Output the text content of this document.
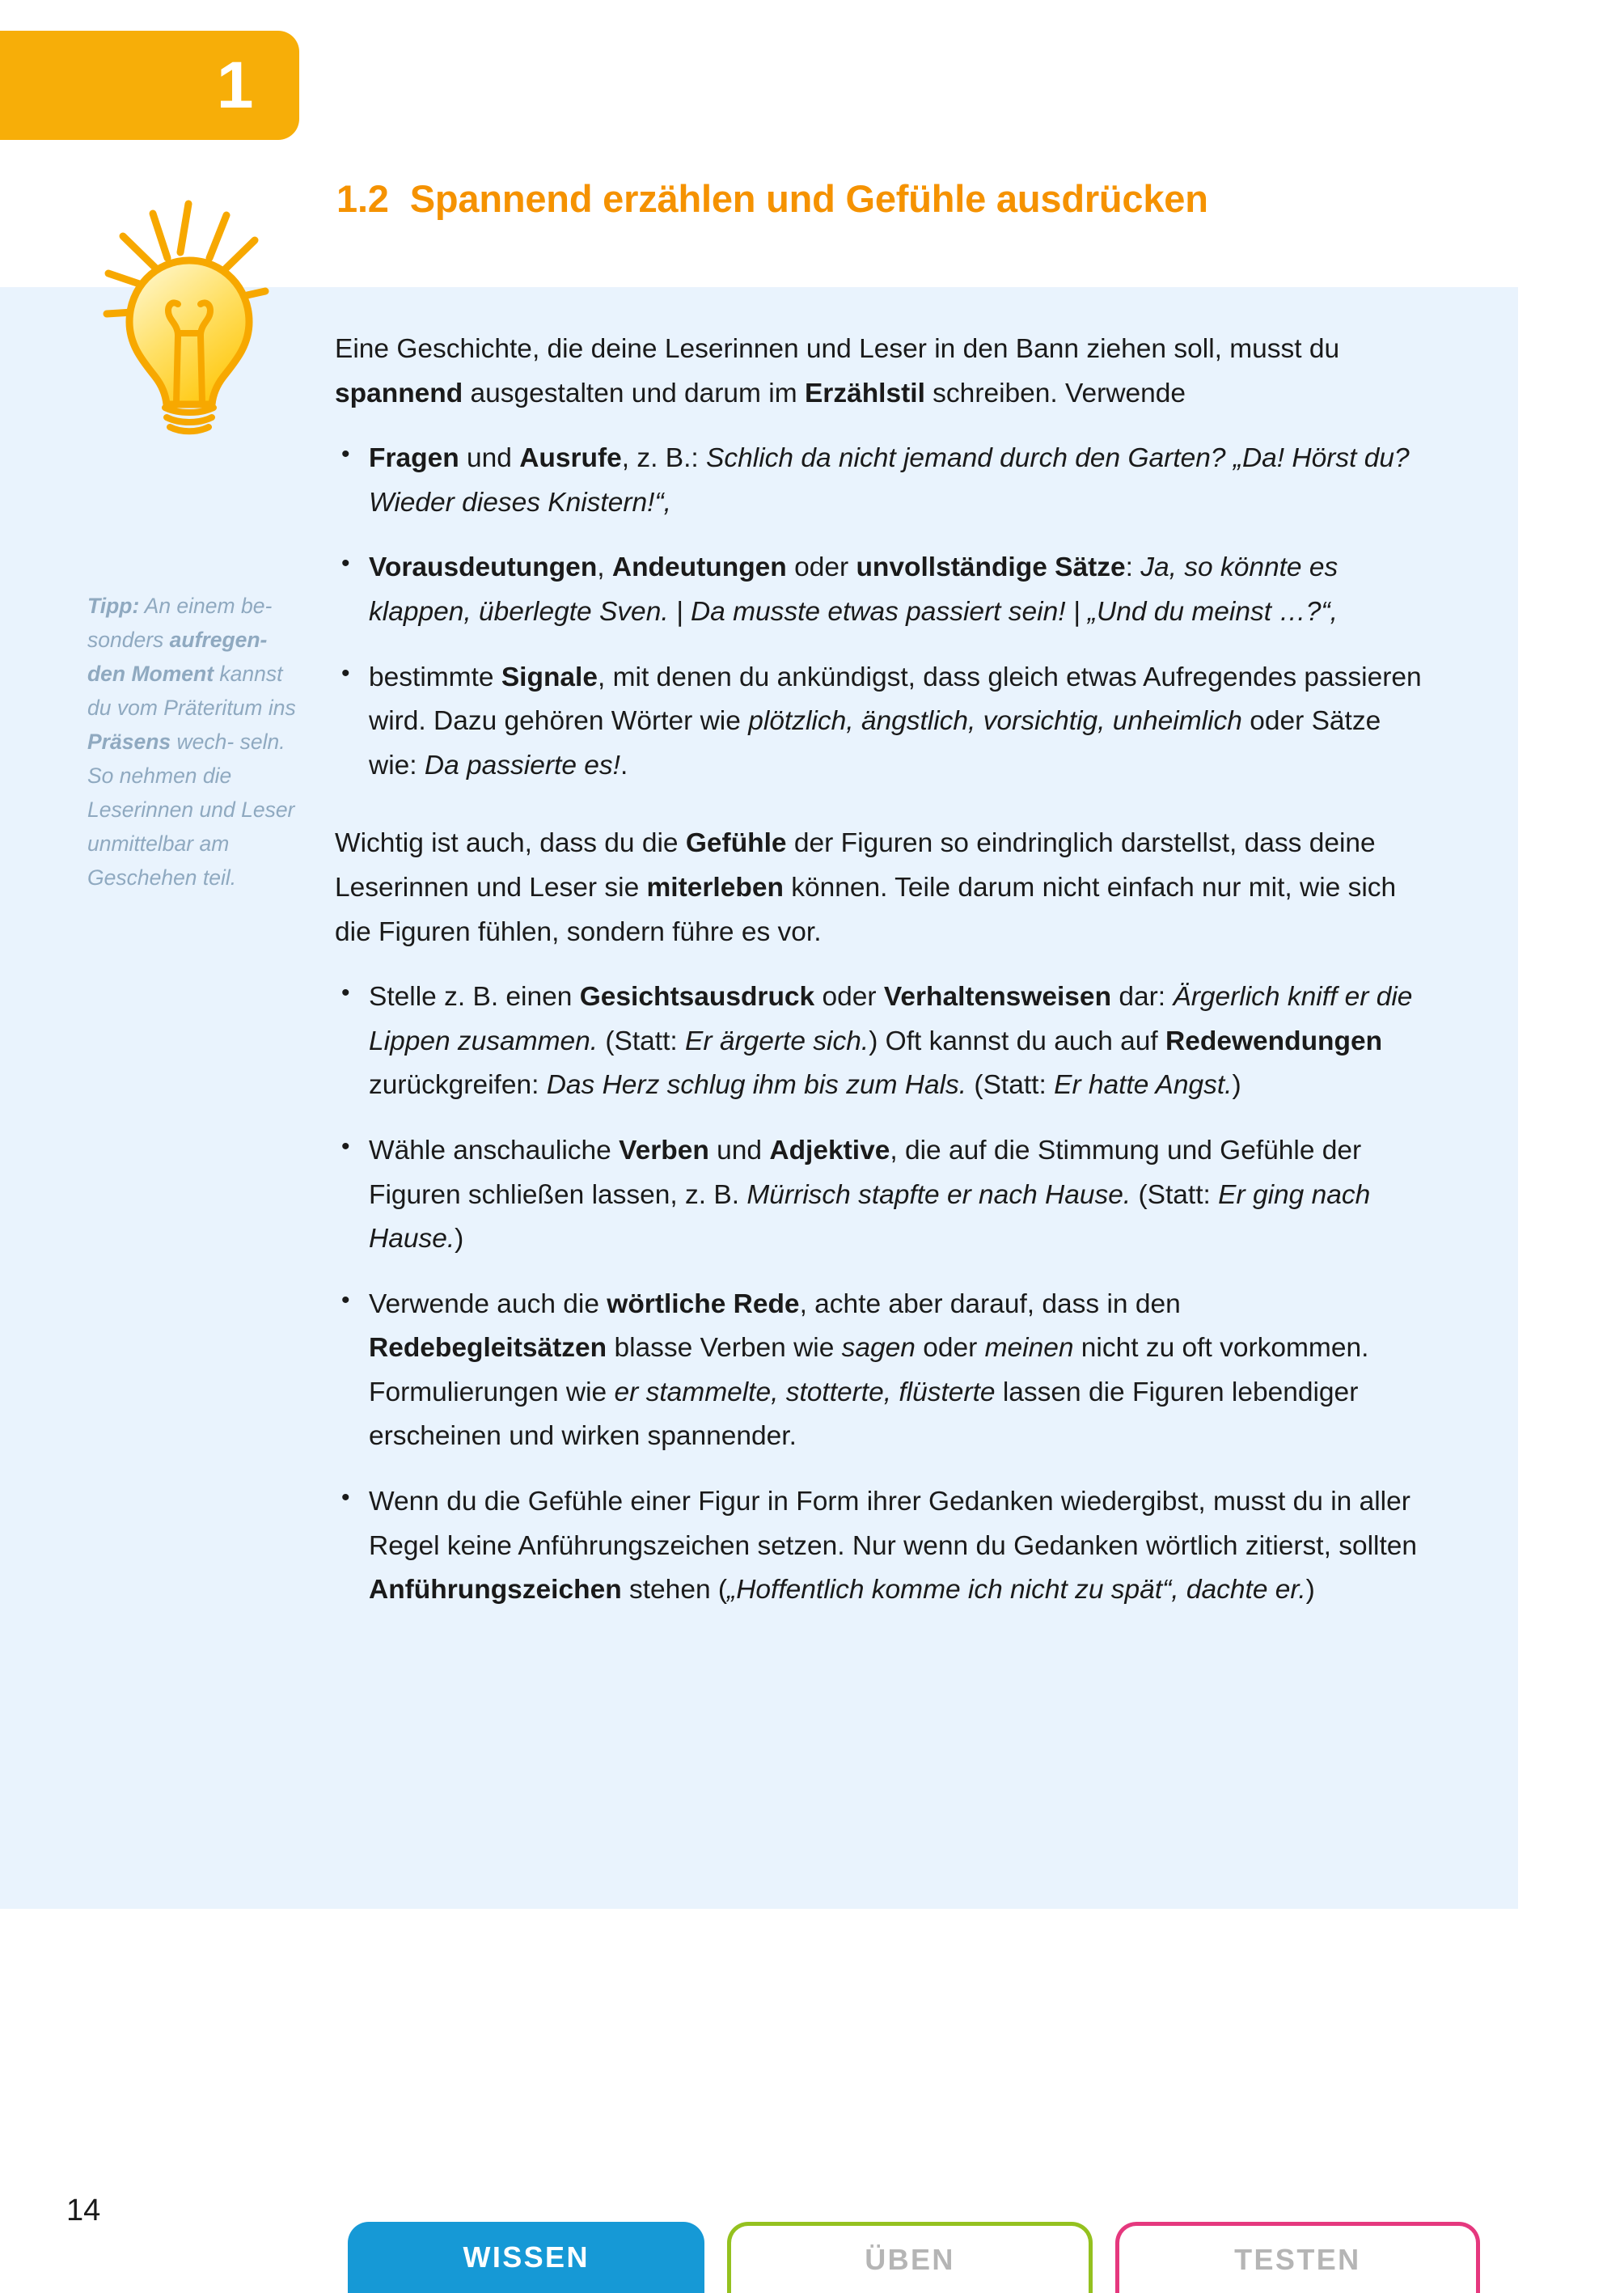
1
1.2 Spannend erzählen und Gefühle ausdrücken
Tipp: An einem be- sonders aufregen- den Moment kannst du vom Präteritum ins Präsens wech- seln. So nehmen die Leserinnen und Leser unmittelbar am Geschehen teil.

Eine Geschichte, die deine Leserinnen und Leser in den Bann ziehen soll, musst du spannend ausgestalten und darum im Erzählstil schreiben. Verwende

• Fragen und Ausrufe, z. B.: Schlich da nicht jemand durch den Garten? „Da! Hörst du? Wieder dieses Knistern!“,
• Vorausdeutungen, Andeutungen oder unvollständige Sätze: Ja, so könnte es klappen, überlegte Sven. | Da musste etwas passiert sein! | „Und du meinst …?“,
• bestimmte Signale, mit denen du ankündigst, dass gleich etwas Aufregendes passieren wird. Dazu gehören Wörter wie plötzlich, ängstlich, vorsichtig, unheimlich oder Sätze wie: Da passierte es!.

Wichtig ist auch, dass du die Gefühle der Figuren so eindringlich darstellst, dass deine Leserinnen und Leser sie miterleben können. Teile darum nicht einfach nur mit, wie sich die Figuren fühlen, sondern führe es vor.

• Stelle z. B. einen Gesichtsausdruck oder Verhaltensweisen dar: Ärgerlich kniff er die Lippen zusammen. (Statt: Er ärgerte sich.) Oft kannst du auch auf Redewendungen zurückgreifen: Das Herz schlug ihm bis zum Hals. (Statt: Er hatte Angst.)
• Wähle anschauliche Verben und Adjektive, die auf die Stimmung und Gefühle der Figuren schließen lassen, z. B. Mürrisch stapfte er nach Hause. (Statt: Er ging nach Hause.)
• Verwende auch die wörtliche Rede, achte aber darauf, dass in den Redebegleitsätzen blasse Verben wie sagen oder meinen nicht zu oft vorkommen. Formulierungen wie er stammelte, stotterte, flüsterte lassen die Figuren lebendiger erscheinen und wirken spannender.
• Wenn du die Gefühle einer Figur in Form ihrer Gedanken wiedergibst, musst du in aller Regel keine Anführungszeichen setzen. Nur wenn du Gedanken wörtlich zitierst, sollten Anführungszeichen stehen („Hoffentlich komme ich nicht zu spät“, dachte er.)
14
WISSEN	ÜBEN	TESTEN
